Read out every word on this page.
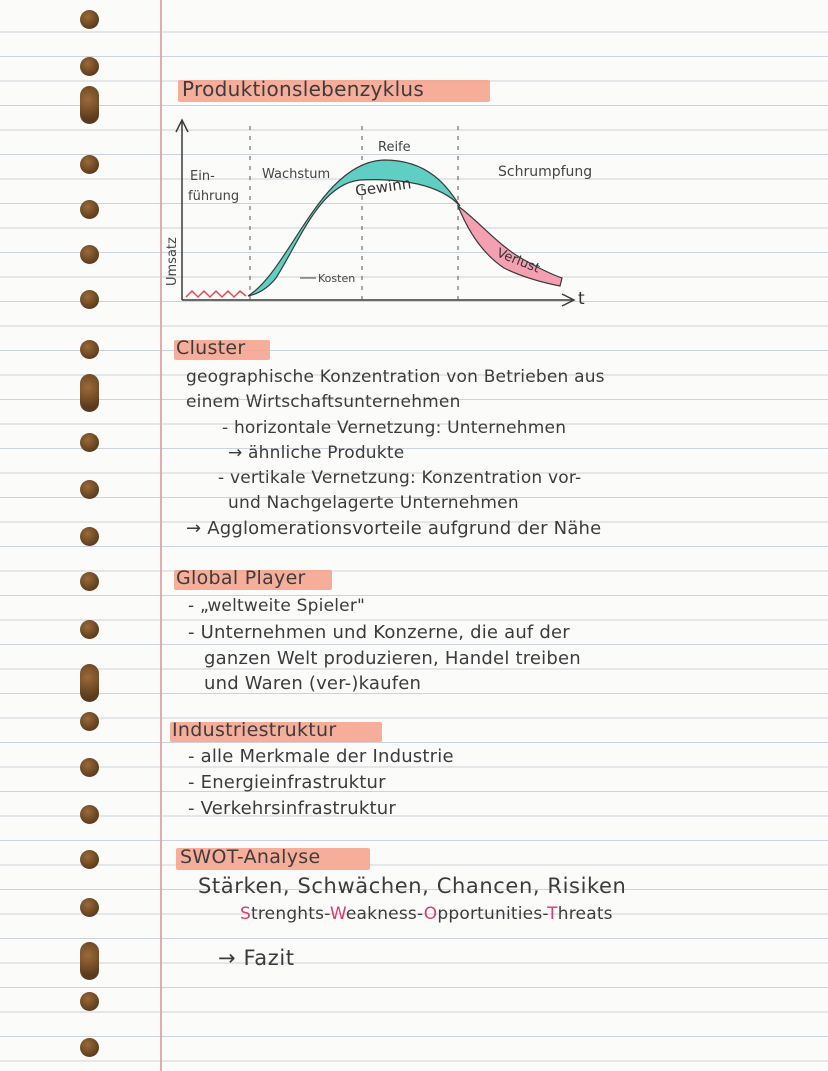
Produktionslebenzyklus
Ein-
führung
Wachstum
Reife
Schrumpfung
Gewinn
Kosten
Verlust
Umsatz
t
Cluster
geographische Konzentration von Betrieben aus
einem Wirtschaftsunternehmen
- horizontale Vernetzung: Unternehmen
→ ähnliche Produkte
- vertikale Vernetzung: Konzentration vor-
und Nachgelagerte Unternehmen
→ Agglomerationsvorteile aufgrund der Nähe
Global Player
- „weltweite Spieler"
- Unternehmen und Konzerne, die auf der
ganzen Welt produzieren, Handel treiben
und Waren (ver-)kaufen
Industriestruktur
- alle Merkmale der Industrie
- Energieinfrastruktur
- Verkehrsinfrastruktur
SWOT-Analyse
Stärken, Schwächen, Chancen, Risiken
Strenghts-Weakness-Opportunities-Threats
→ Fazit
